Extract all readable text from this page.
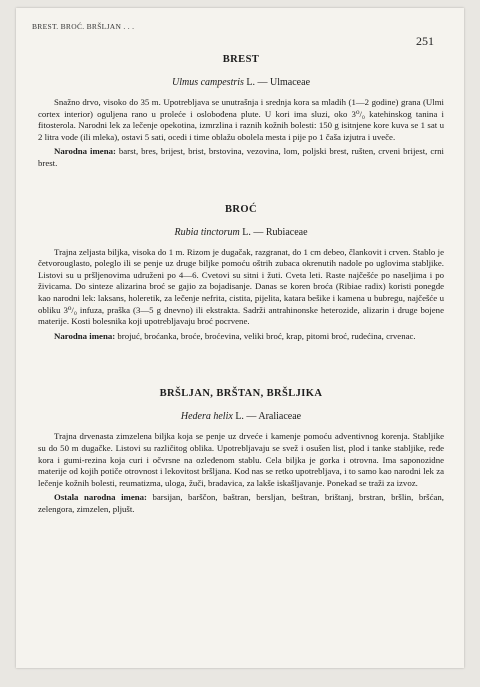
BREST. BROĆ. BRŠLJAN . . .
251
BREST
Ulmus campestris L. — Ulmaceae

Snažno drvo, visoko do 35 m. Upotrebljava se unutrašnja i srednja kora sa mladih (1—2 godine) grana (Ulmi cortex interior) oguljena rano u proleće i oslobođena plute. U kori ima sluzi, oko 3⁰/₀ katehinskog tanina i fitosterola. Narodni lek za lečenje opekotina, izmrzlina i raznih kožnih bolesti: 150 g isitnjene kore kuva se 1 sat u 2 litra vode (ili mleka), ostavi 5 sati, ocedi i time oblažu obolela mesta i pije po 1 čaša izjutra i uveče.

Narodna imena: barst, bres, brijest, brist, brstovina, vezovina, lom, poljski brest, rušten, crveni brijest, crni brest.

BROĆ
Rubia tinctorum L. — Rubiaceae

Trajna zeljasta biljka, visoka do 1 m. Rizom je dugačak, razgranat, do 1 cm debeo, člankovit i crven. Stablo je četvorouglasto, poleglo ili se penje uz druge biljke pomoću oštrih zubaca okrenutih nadole po uglovima stabljike. Listovi su u pršljenovima udruženi po 4—6. Cvetovi su sitni i žuti. Cveta leti. Raste najčešće po naseljima i po živicama. Do sinteze alizarina broć se gajio za bojadisanje. Danas se koren broća (Ribiae radix) koristi ponegde kao narodni lek: laksans, holeretik, za lečenje nefrita, cistita, pijelita, katara bešike i kamena u bubregu, najčešće u obliku 3⁰/₀ infuza, praška (3—5 g dnevno) ili ekstrakta. Sadrži antrahinonske heterozide, alizarin i druge bojene materije. Kosti bolesnika koji upotrebljavaju broć pocrvene.

Narodna imena: brojuć, broćanka, broće, broćevina, veliki broć, krap, pitomi broć, rudećina, crvenac.

BRŠLJAN, BRŠTAN, BRŠLJIKA
Hedera helix L. — Araliaceae

Trajna drvenasta zimzelena biljka koja se penje uz drveće i kamenje pomoću adventivnog korenja. Stabljike su do 50 m dugačke. Listovi su različitog oblika. Upotrebljavaju se svež i osušen list, plod i tanke stabljike, ređe kora i gumi-rezina koja curi i očvrsne na ozleđenom stablu. Cela biljka je gorka i otrovna. Ima saponozidne materije od kojih potiče otrovnost i lekovitost bršljana. Kod nas se retko upotrebljava, i to samo kao narodni lek za lečenje kožnih bolesti, reumatizma, uloga, žuči, bradavica, za lakše iskašljavanje. Ponekad se traži za izvoz.

Ostala narodna imena: barsijan, barščon, baštran, bersljan, beštran, brištanj, brstran, bršlin, bršćan, zelengora, zimzelen, pljušt.
